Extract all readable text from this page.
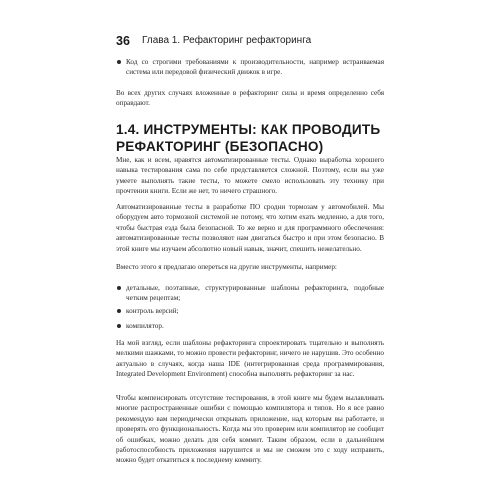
36 Глава 1. Рефакторинг рефакторинга
Код со строгими требованиями к производительности, например встраиваемая система или передовой физический движок в игре.
Во всех других случаях вложенные в рефакторинг силы и время определенно себя оправдают.
1.4. ИНСТРУМЕНТЫ: КАК ПРОВОДИТЬ РЕФАКТОРИНГ (БЕЗОПАСНО)
Мне, как и всем, нравятся автоматизированные тесты. Однако выработка хорошего навыка тестирования сама по себе представляется сложной. Поэтому, если вы уже умеете выполнять такие тесты, то можете смело использовать эту технику при прочтении книги. Если же нет, то ничего страшного.
Автоматизированные тесты в разработке ПО сродни тормозам у автомобилей. Мы оборудуем авто тормозной системой не потому, что хотим ехать медленно, а для того, чтобы быстрая езда была безопасной. То же верно и для программного обеспечения: автоматизированные тесты позволяют нам двигаться быстро и при этом безопасно. В этой книге мы изучаем абсолютно новый навык, значит, спешить нежелательно.
Вместо этого я предлагаю опереться на другие инструменты, например:
детальные, поэтапные, структурированные шаблоны рефакторинга, подобные четким рецептам;
контроль версий;
компилятор.
На мой взгляд, если шаблоны рефакторинга спроектировать тщательно и выполнять мелкими шажками, то можно провести рефакторинг, ничего не нарушив. Это особенно актуально в случаях, когда наша IDE (интегрированная среда программирования, Integrated Development Environment) способна выполнять рефакторинг за нас.
Чтобы компенсировать отсутствие тестирования, в этой книге мы будем вылавливать многие распространенные ошибки с помощью компилятора и типов. Но я все равно рекомендую вам периодически открывать приложение, над которым вы работаете, и проверять его функциональность. Когда мы это проверим или компилятор не сообщит об ошибках, можно делать для себя коммит. Таким образом, если в дальнейшем работоспособность приложения нарушится и мы не сможем это с ходу исправить, можно будет откатиться к последнему коммиту.
